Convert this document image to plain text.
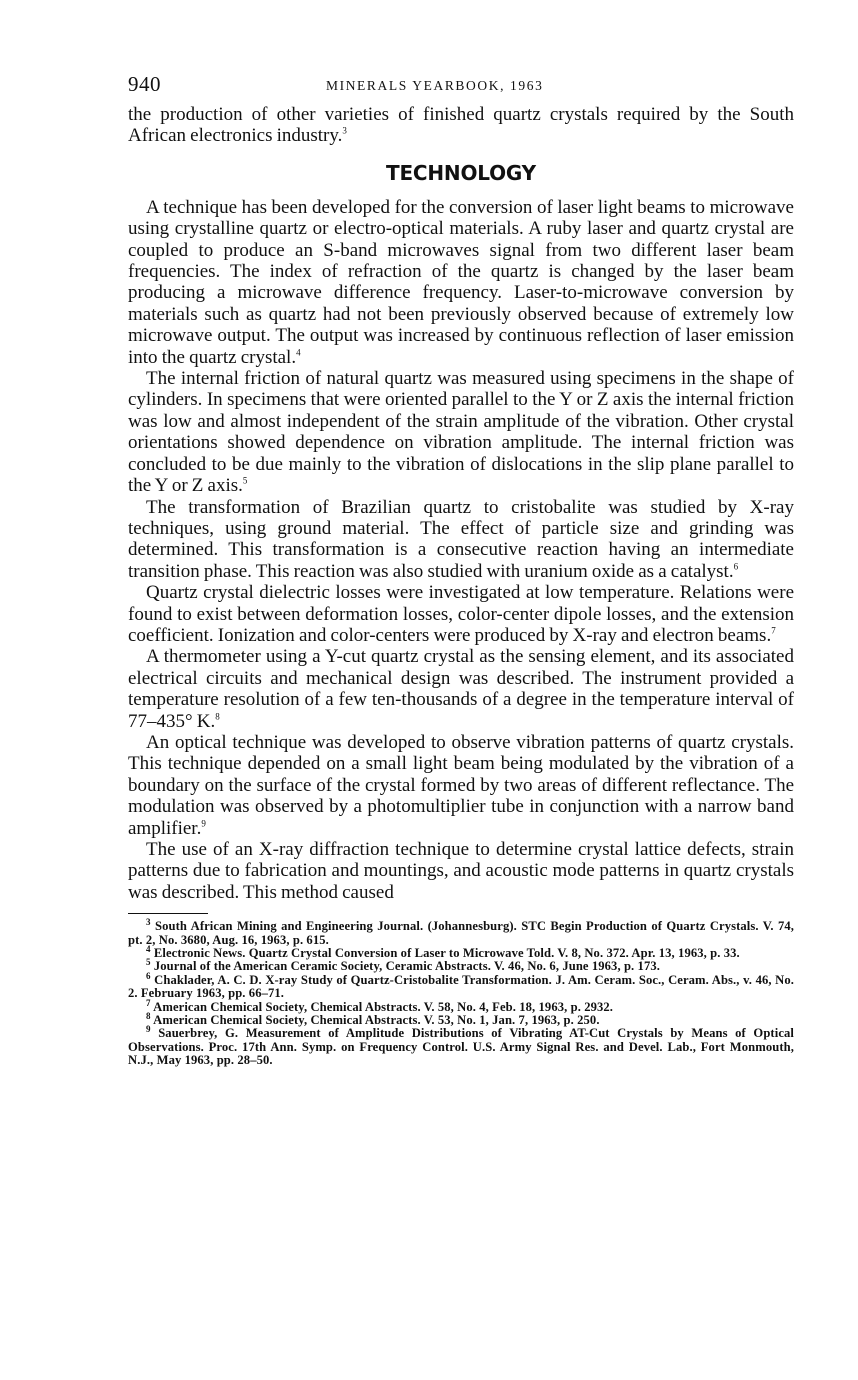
940	MINERALS YEARBOOK, 1963

the production of other varieties of finished quartz crystals required by the South African electronics industry.$^3$

TECHNOLOGY

A technique has been developed for the conversion of laser light beams to microwave using crystalline quartz or electro-optical materials. A ruby laser and quartz crystal are coupled to produce an S-band microwaves signal from two different laser beam frequencies. The index of refraction of the quartz is changed by the laser beam producing a microwave difference frequency. Laser-to-microwave conversion by materials such as quartz had not been previously observed because of extremely low microwave output. The output was increased by continuous reflection of laser emission into the quartz crystal.$^4$

The internal friction of natural quartz was measured using specimens in the shape of cylinders. In specimens that were oriented parallel to the Y or Z axis the internal friction was low and almost independent of the strain amplitude of the vibration. Other crystal orientations showed dependence on vibration amplitude. The internal friction was concluded to be due mainly to the vibration of dislocations in the slip plane parallel to the Y or Z axis.$^5$

The transformation of Brazilian quartz to cristobalite was studied by X-ray techniques, using ground material. The effect of particle size and grinding was determined. This transformation is a consecutive reaction having an intermediate transition phase. This reaction was also studied with uranium oxide as a catalyst.$^6$

Quartz crystal dielectric losses were investigated at low temperature. Relations were found to exist between deformation losses, color-center dipole losses, and the extension coefficient. Ionization and color-centers were produced by X-ray and electron beams.$^7$

A thermometer using a Y-cut quartz crystal as the sensing element, and its associated electrical circuits and mechanical design was described. The instrument provided a temperature resolution of a few ten-thousands of a degree in the temperature interval of 77–435° K.$^8$

An optical technique was developed to observe vibration patterns of quartz crystals. This technique depended on a small light beam being modulated by the vibration of a boundary on the surface of the crystal formed by two areas of different reflectance. The modulation was observed by a photomultiplier tube in conjunction with a narrow band amplifier.$^9$

The use of an X-ray diffraction technique to determine crystal lattice defects, strain patterns due to fabrication and mountings, and acoustic mode patterns in quartz crystals was described. This method caused

$^3$ South African Mining and Engineering Journal. (Johannesburg). STC Begin Production of Quartz Crystals. V. 74, pt. 2, No. 3680, Aug. 16, 1963, p. 615.

$^4$ Electronic News. Quartz Crystal Conversion of Laser to Microwave Told. V. 8, No. 372. Apr. 13, 1963, p. 33.

$^5$ Journal of the American Ceramic Society, Ceramic Abstracts. V. 46, No. 6, June 1963, p. 173.

$^6$ Chaklader, A. C. D. X-ray Study of Quartz-Cristobalite Transformation. J. Am. Ceram. Soc., Ceram. Abs., v. 46, No. 2. February 1963, pp. 66–71.

$^7$ American Chemical Society, Chemical Abstracts. V. 58, No. 4, Feb. 18, 1963, p. 2932.

$^8$ American Chemical Society, Chemical Abstracts. V. 53, No. 1, Jan. 7, 1963, p. 250.

$^9$ Sauerbrey, G. Measurement of Amplitude Distributions of Vibrating AT-Cut Crystals by Means of Optical Observations. Proc. 17th Ann. Symp. on Frequency Control. U.S. Army Signal Res. and Devel. Lab., Fort Monmouth, N.J., May 1963, pp. 28–50.
